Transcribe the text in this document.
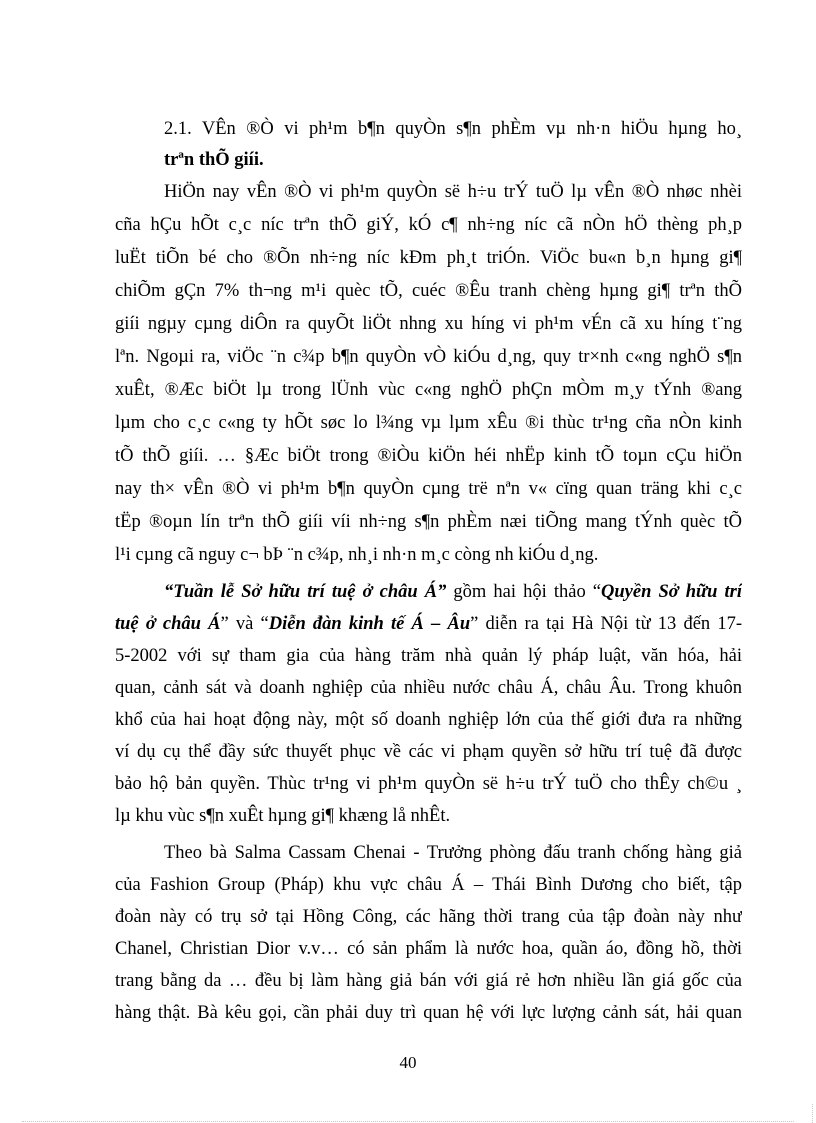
2.1. VÊn ®Ò vi ph¹m b¶n quyÒn s¶n phÈm vµ nh·n hiÖu hµng ho¸

trªn thÕ giíi.

HiÖn nay vÊn ®Ò vi ph¹m quyÒn së h÷u trÝ tuÖ lµ vÊn ®Ò nhøc nhèi

cña hÇu hÕt c¸c níc trªn thÕ giÝ, kÓ c¶ nh÷ng níc cã nÒn hÖ thèng ph¸p

luËt tiÕn bé cho ®Õn nh÷ng níc kÐm ph¸t triÓn. ViÖc bu«n b¸n hµng gi¶

chiÕm gÇn 7% th¬ng m¹i quèc tÕ, cuéc ®Êu tranh chèng hµng gi¶ trªn thÕ

giíi ngµy cµng diÔn ra quyÕt liÖt nhng xu híng vi ph¹m vÉn cã xu híng t¨ng

lªn. Ngoµi ra, viÖc ¨n c¾p b¶n quyÒn vÒ kiÓu d¸ng, quy tr×nh c«ng nghÖ s¶n

xuÊt, ®Æc biÖt lµ trong lÜnh vùc c«ng nghÖ phÇn mÒm m¸y tÝnh ®ang

lµm cho c¸c c«ng ty hÕt søc lo l¾ng vµ lµm xÊu ®i thùc tr¹ng cña nÒn kinh

tÕ thÕ giíi. … §Æc biÖt trong ®iÒu kiÖn héi nhËp kinh tÕ toµn cÇu hiÖn

nay th× vÊn ®Ò vi ph¹m b¶n quyÒn cµng trë nªn v« cïng quan träng khi c¸c

tËp ®oµn lín trªn thÕ giíi víi nh÷ng s¶n phÈm næi tiÕng mang tÝnh quèc tÕ

l¹i cµng cã nguy c¬ bÞ ¨n c¾p, nh¸i nh·n m¸c còng nh kiÓu d¸ng.

“Tuần lễ Sở hữu trí tuệ ở châu Á” gồm hai hội thảo “Quyền Sở hữu trí

tuệ ở châu Á” và “Diễn đàn kinh tế Á – Âu” diễn ra tại Hà Nội từ 13 đến 17-

5-2002 với sự tham gia của hàng trăm nhà quản lý pháp luật, văn hóa, hải

quan, cảnh sát và doanh nghiệp của nhiều nước châu Á, châu Âu. Trong khuôn

khổ của hai hoạt động này, một số doanh nghiệp lớn của thế giới đưa ra những

ví dụ cụ thể đầy sức thuyết phục về các vi phạm quyền sở hữu trí tuệ đã được

bảo hộ bản quyền. Thùc tr¹ng vi ph¹m quyÒn së h÷u trÝ tuÖ cho thÊy ch©u ¸

lµ khu vùc s¶n xuÊt hµng gi¶ khæng lå nhÊt.

Theo bà Salma Cassam Chenai - Trưởng phòng đấu tranh chống hàng giả

của Fashion Group (Pháp) khu vực châu Á – Thái Bình Dương cho biết, tập

đoàn này có trụ sở tại Hồng Công, các hãng thời trang của tập đoàn này như

Chanel, Christian Dior v.v… có sản phẩm là nước hoa, quần áo, đồng hồ, thời

trang bằng da … đều bị làm hàng giả bán với giá rẻ hơn nhiều lần giá gốc của

hàng thật. Bà kêu gọi, cần phải duy trì quan hệ với lực lượng cảnh sát, hải quan

40
